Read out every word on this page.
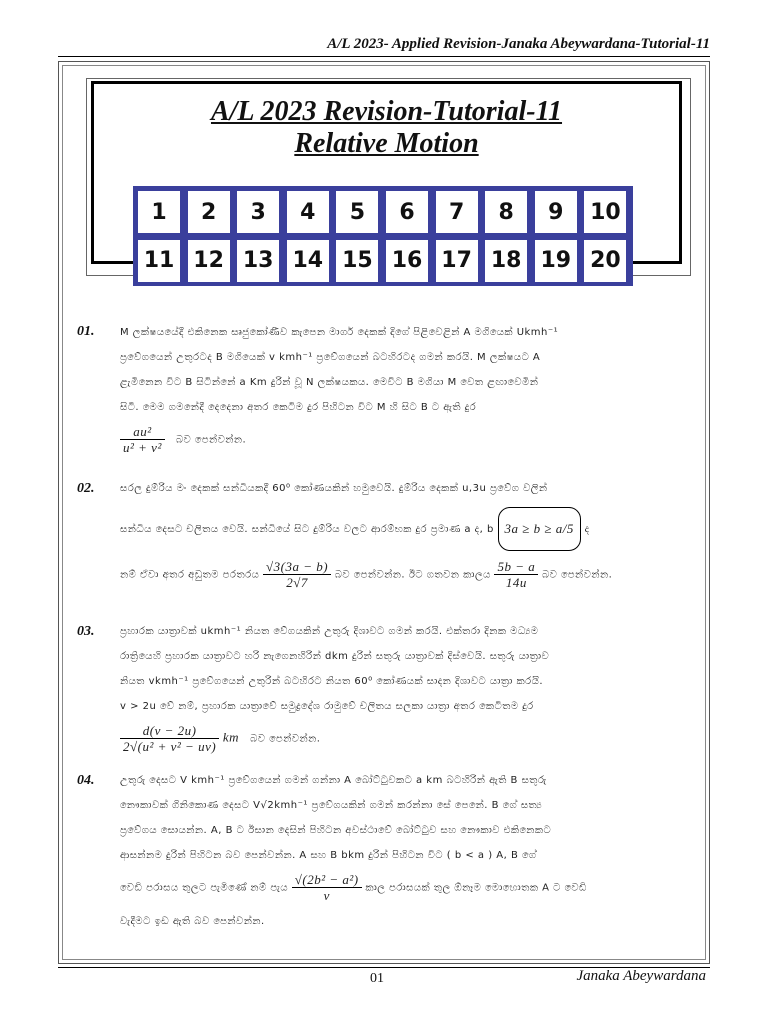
A/L 2023- Applied Revision-Janaka Abeywardana-Tutorial-11
A/L 2023 Revision-Tutorial-11
Relative Motion
1	2	3	4	5	6	7	8	9	10
11 12 13 14 15 16 17 18 19 20
01.	M ලක්ෂයයේදී එකිනෙක සෘජුකෝණීව කැපෙන මාර්ග දෙකක් දිගේ පිළිවෙළින් A මගියෙක් Ukmh⁻¹
ප්‍රවේගයෙන් උතුරටද B මගියෙක් v kmh⁻¹ ප්‍රවේගයෙන් බටහිරටද ගමන් කරයි. M ලක්ෂයට A
ළැමිනෙන විට B සිටින්නේ a Km දුරින් වූ N ලක්ෂයකය. මෙවිට B මගියා M වෙත ළඟාවෙමින්
සිටී. මෙම ගමනේදී දෙදෙනා අතර කෙටිම දුර පිහිටන විට M හි සිට B ට ඇති දුර
$\frac{\text{au²}}{\text{u² + v²}}$ බව පෙන්වන්න.
02.	සරල දුම්රිය මං දෙකක් සන්ධියකදී 60⁰ කෝණයකින් හමුවෙයි. දුම්රිය දෙකක් u,3u ප්‍රවේග වලින්
සන්ධිය දෙසට චලිතය වෙයි. සන්ධියේ සිට දුම්රිය වලට ආරම්භක දුර ප්‍රමාණ a ද, b 3a ≥ b ≥ a/5 ද
නම් ඒවා අතර අඩුතම පරතරය $\frac{√3(3a - b)}{2√7}$ බව පෙන්වන්න. ඊට ගතවන කාලය $\frac{5b - a}{14u}$ බව පෙන්වන්න.
03.	ප්‍රහාරක යාත්‍රාවක් ukmh⁻¹ නියත වේගයකින් උතුරු දිශාවට ගමන් කරයි. එක්තරා දිනක මධ්‍යම
රාත්‍රියෙහි ප්‍රහාරක යාත්‍රාවට හරි නැගෙනහිරින් dkm දුරින් සතුරු යාත්‍රාවක් දිස්වෙයි. සතුරු යාත්‍රාව
නියත vkmh⁻¹ ප්‍රවේගයෙන් උතුරින් බටහිරට නියත 60⁰ කෝණයක් සාදන දිශාවට යාත්‍රා කරයි.
v > 2u වේ නම්, ප්‍රහාරක යාත්‍රාවේ සමුද්‍රදේශ රාමුවේ චලිතය සලකා යාත්‍රා අතර කෙටිතම දුර
$\frac{d(v - 2u)}{\text{2√(u² + v² − uv)}}$ km බව පෙන්වන්න.
04.	උතුරු දෙසට V kmh⁻¹ ප්‍රවේගයෙන් ගමන් ගන්නා A බෝට්ටුවකට a km බටහිරින් ඇති B සතුරු
නෞකාවක් ගිනිකොණ දෙසට V√2kmh⁻¹ ප්‍රවේගයකින් ගමන් කරන්නා සේ පෙනේ. B ගේ සත්‍ය
ප්‍රවේගය සොයන්න. A, B ට ඊසාන දෙසින් පිහිටන අවස්ථාවේ බෝට්ටුව සහ නෞකාව එකිනෙකට
ආසන්නම දුරින් පිහිටන බව පෙන්වන්න. A සහ B bkm දුරින් පිහිටන විට ( b < a ) A, B ගේ
වෙඩි පරාසය තුලට පැමිණේ නම් පැය $\frac{\text{√(2b² − a²)}}{v}$ කාල පරාසයක් තුල ඕනෑම මොහොතක A ට වෙඩි
වැදීමට ඉඩ ඇති බව පෙන්වන්න.
01	Janaka Abeywardana
